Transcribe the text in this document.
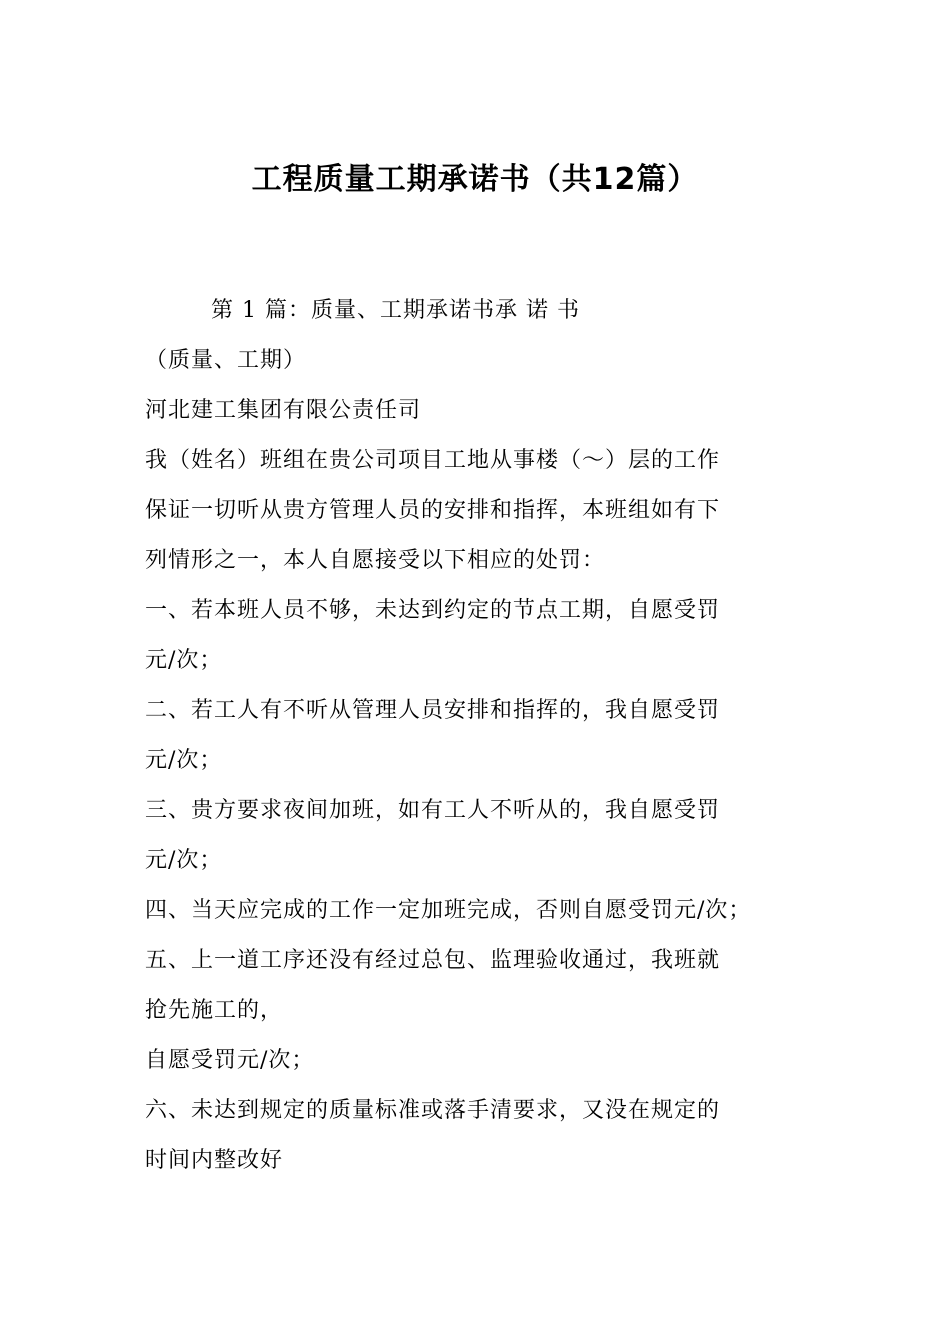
工程质量工期承诺书（共12篇）

第 1 篇：质量、工期承诺书承 诺 书

（质量、工期）

河北建工集团有限公责任司

我（姓名）班组在贵公司项目工地从事楼（～）层的工作

保证一切听从贵方管理人员的安排和指挥，本班组如有下

列情形之一，本人自愿接受以下相应的处罚：

一、若本班人员不够，未达到约定的节点工期，自愿受罚

元/次；

二、若工人有不听从管理人员安排和指挥的，我自愿受罚

元/次；

三、贵方要求夜间加班，如有工人不听从的，我自愿受罚

元/次；

四、当天应完成的工作一定加班完成，否则自愿受罚元/次；

五、上一道工序还没有经过总包、监理验收通过，我班就

抢先施工的，

自愿受罚元/次；

六、未达到规定的质量标准或落手清要求，又没在规定的

时间内整改好
